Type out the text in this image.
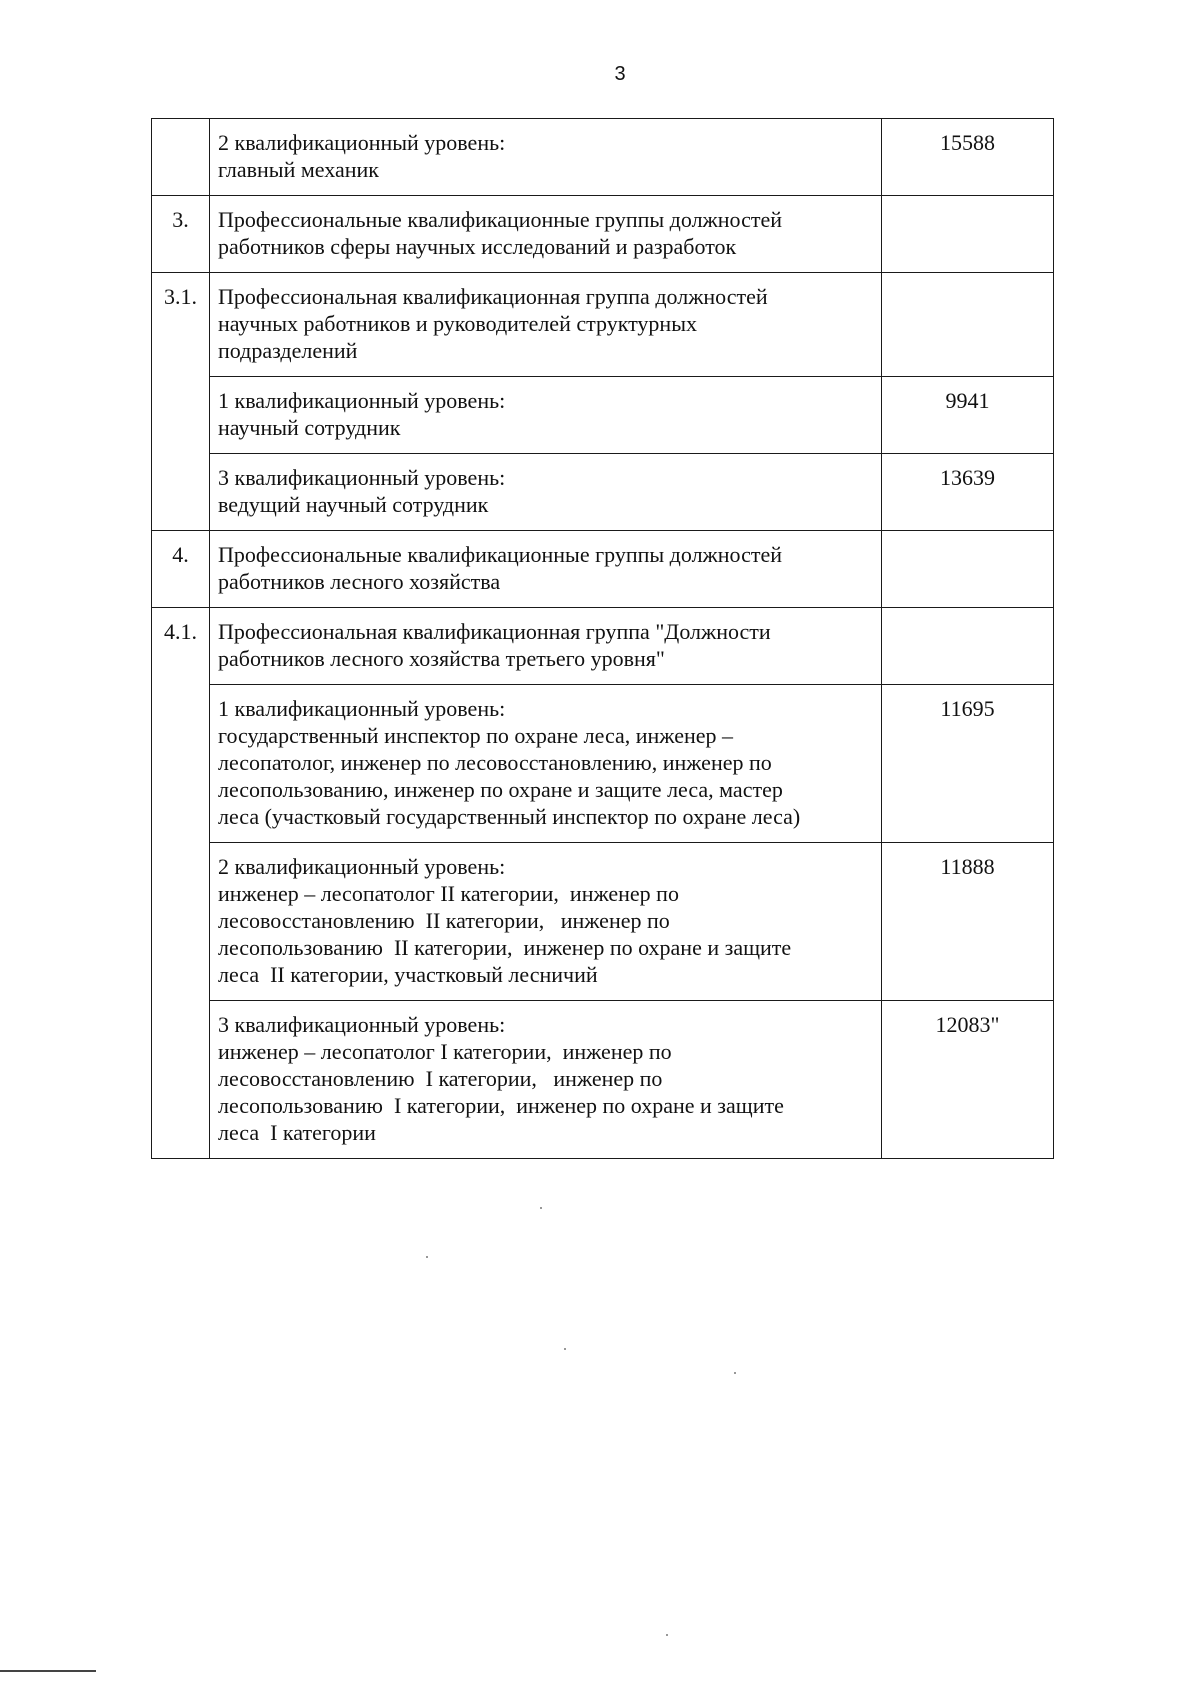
3

	2 квалификационный уровень:
главный механик	15588
3.	Профессиональные квалификационные группы должностей
работников сферы научных исследований и разработок	

3.1.	Профессиональная квалификационная группа должностей
научных работников и руководителей структурных
подразделений	

	1 квалификационный уровень:
научный сотрудник	9941

	3 квалификационный уровень:
ведущий научный сотрудник	13639
4.	Профессиональные квалификационные группы должностей
работников лесного хозяйства	

4.1.	Профессиональная квалификационная группа "Должности
работников лесного хозяйства третьего уровня"	

	1 квалификационный уровень:
государственный инспектор по охране леса, инженер –
лесопатолог, инженер по лесовосстановлению, инженер по
лесопользованию, инженер по охране и защите леса, мастер
леса (участковый государственный инспектор по охране леса)	11695

	2 квалификационный уровень:
инженер – лесопатолог II категории,  инженер по
лесовосстановлению  II категории,   инженер по
лесопользованию  II категории,  инженер по охране и защите
леса  II категории, участковый лесничий	11888

	3 квалификационный уровень:
инженер – лесопатолог I категории,  инженер по
лесовосстановлению  I категории,   инженер по
лесопользованию  I категории,  инженер по охране и защите
леса  I категории	12083"
